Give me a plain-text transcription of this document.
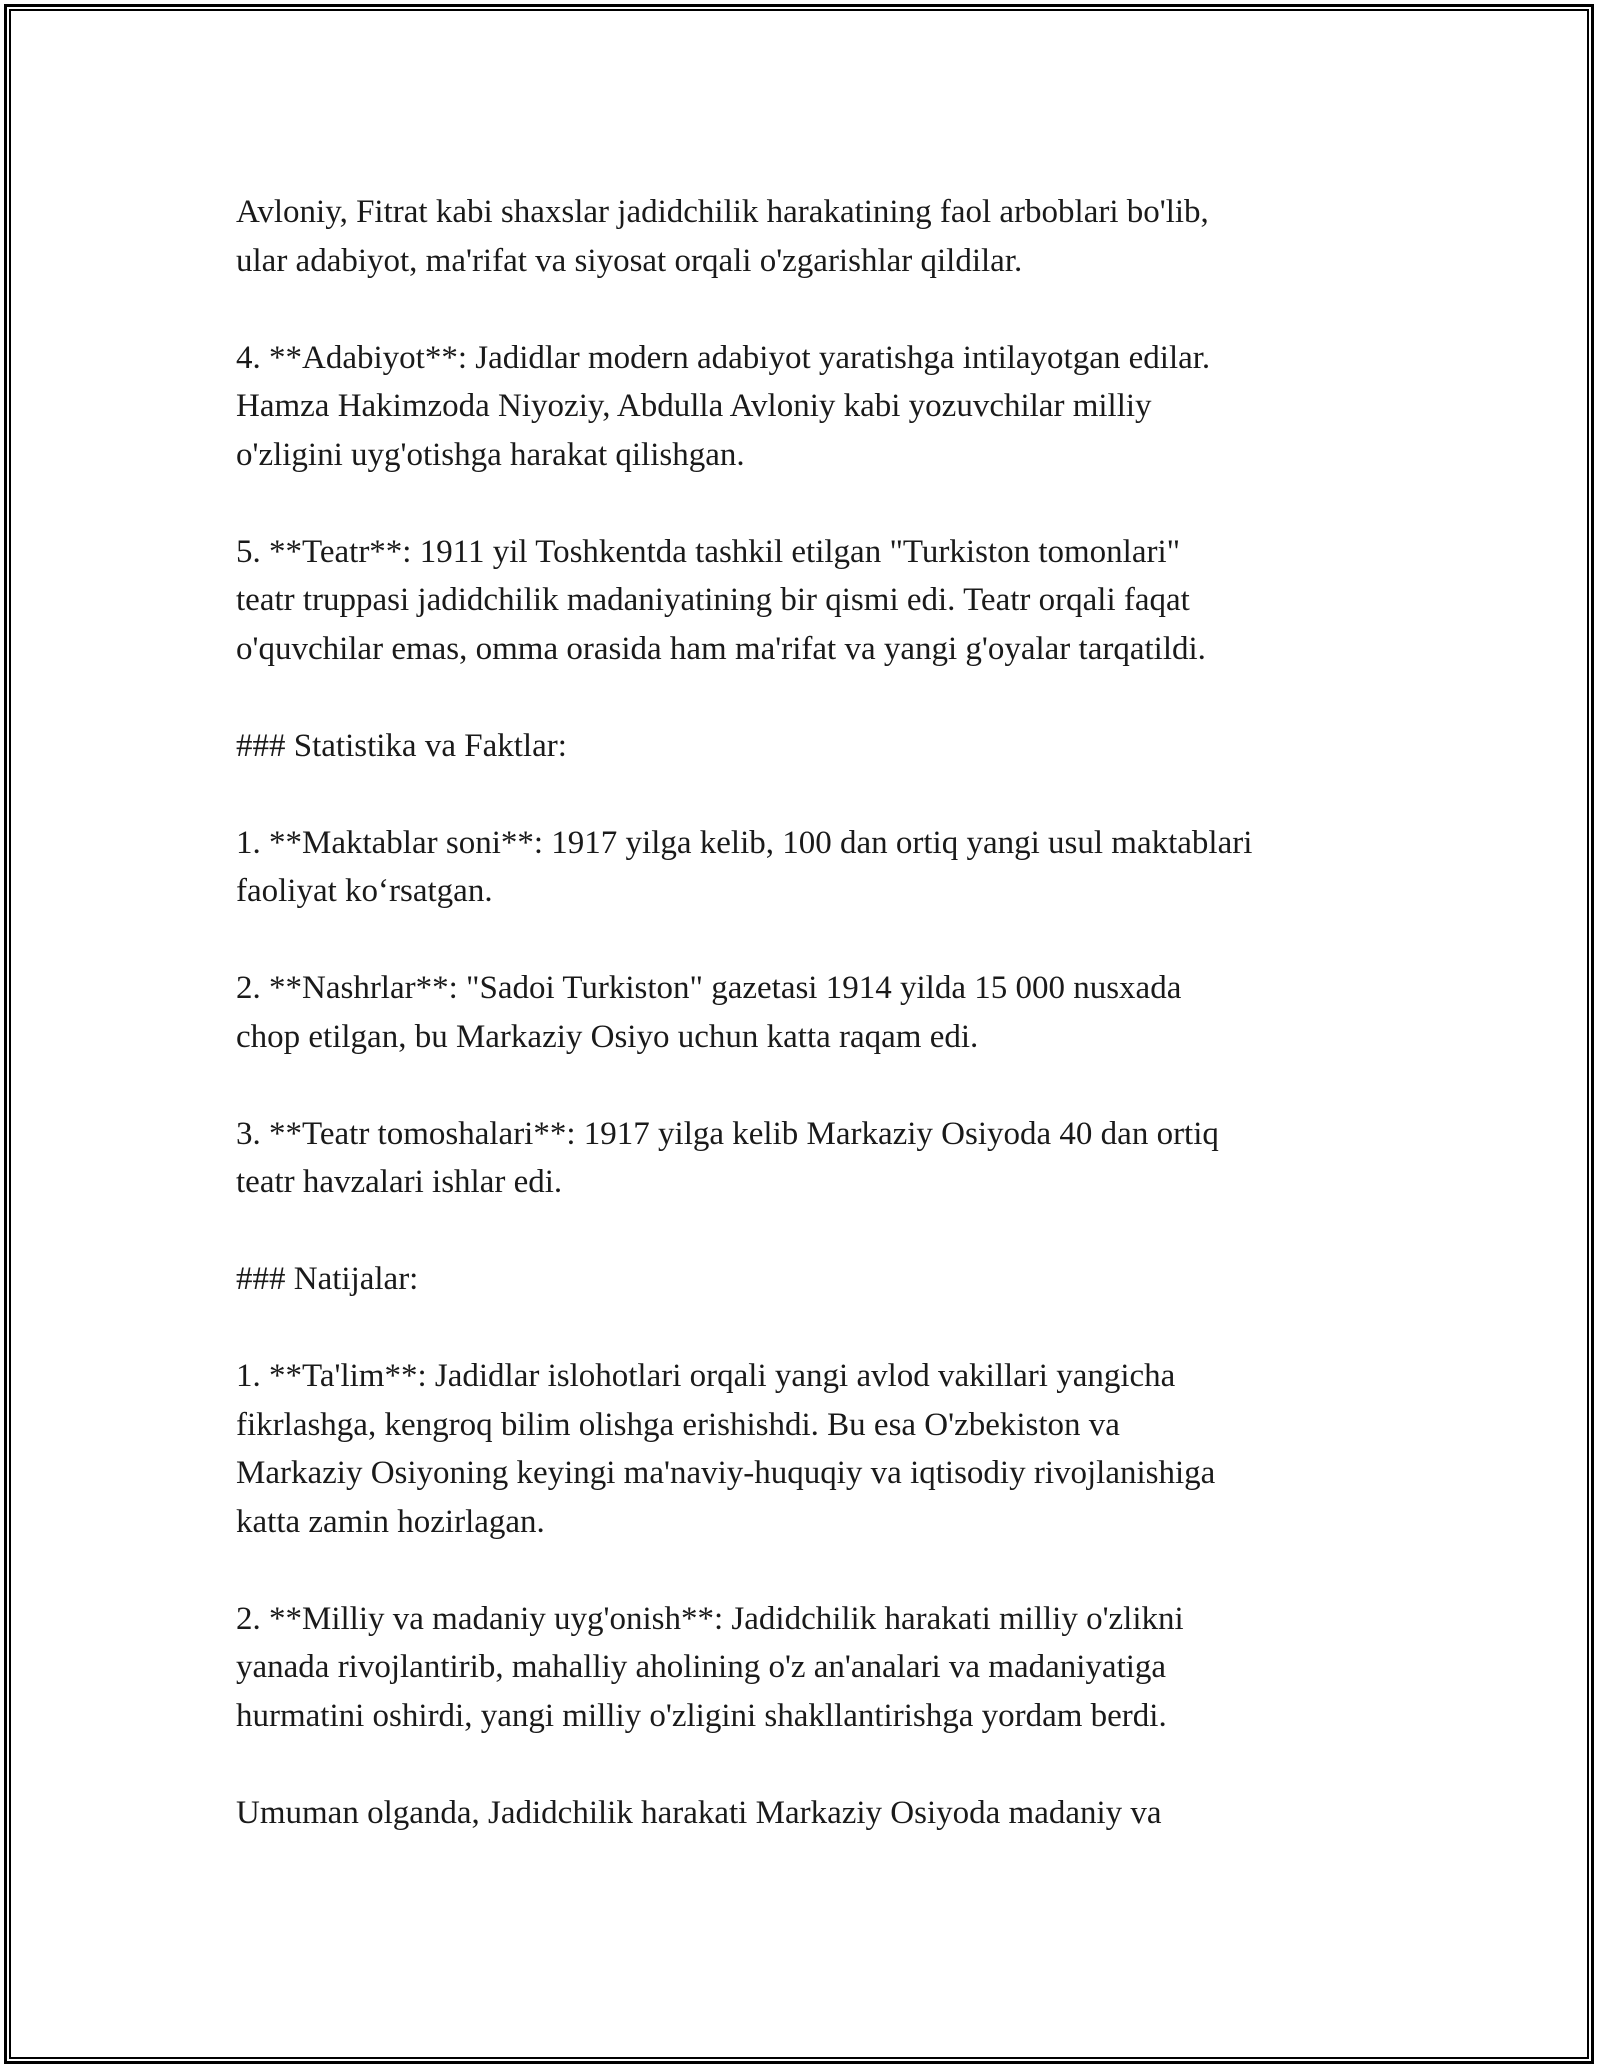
Avloniy, Fitrat kabi shaxslar jadidchilik harakatining faol arboblari bo'lib,
ular adabiyot, ma'rifat va siyosat orqali o'zgarishlar qildilar.

4. **Adabiyot**: Jadidlar modern adabiyot yaratishga intilayotgan edilar.
Hamza Hakimzoda Niyoziy, Abdulla Avloniy kabi yozuvchilar milliy
o'zligini uyg'otishga harakat qilishgan.

5. **Teatr**: 1911 yil Toshkentda tashkil etilgan "Turkiston tomonlari"
teatr truppasi jadidchilik madaniyatining bir qismi edi. Teatr orqali faqat
o'quvchilar emas, omma orasida ham ma'rifat va yangi g'oyalar tarqatildi.

### Statistika va Faktlar:

1. **Maktablar soni**: 1917 yilga kelib, 100 dan ortiq yangi usul maktablari
faoliyat ko‘rsatgan.

2. **Nashrlar**: "Sadoi Turkiston" gazetasi 1914 yilda 15 000 nusxada
chop etilgan, bu Markaziy Osiyo uchun katta raqam edi.

3. **Teatr tomoshalari**: 1917 yilga kelib Markaziy Osiyoda 40 dan ortiq
teatr havzalari ishlar edi.

### Natijalar:

1. **Ta'lim**: Jadidlar islohotlari orqali yangi avlod vakillari yangicha
fikrlashga, kengroq bilim olishga erishishdi. Bu esa O'zbekiston va
Markaziy Osiyoning keyingi ma'naviy-huquqiy va iqtisodiy rivojlanishiga
katta zamin hozirlagan.

2. **Milliy va madaniy uyg'onish**: Jadidchilik harakati milliy o'zlikni
yanada rivojlantirib, mahalliy aholining o'z an'analari va madaniyatiga
hurmatini oshirdi, yangi milliy o'zligini shakllantirishga yordam berdi.

Umuman olganda, Jadidchilik harakati Markaziy Osiyoda madaniy va
